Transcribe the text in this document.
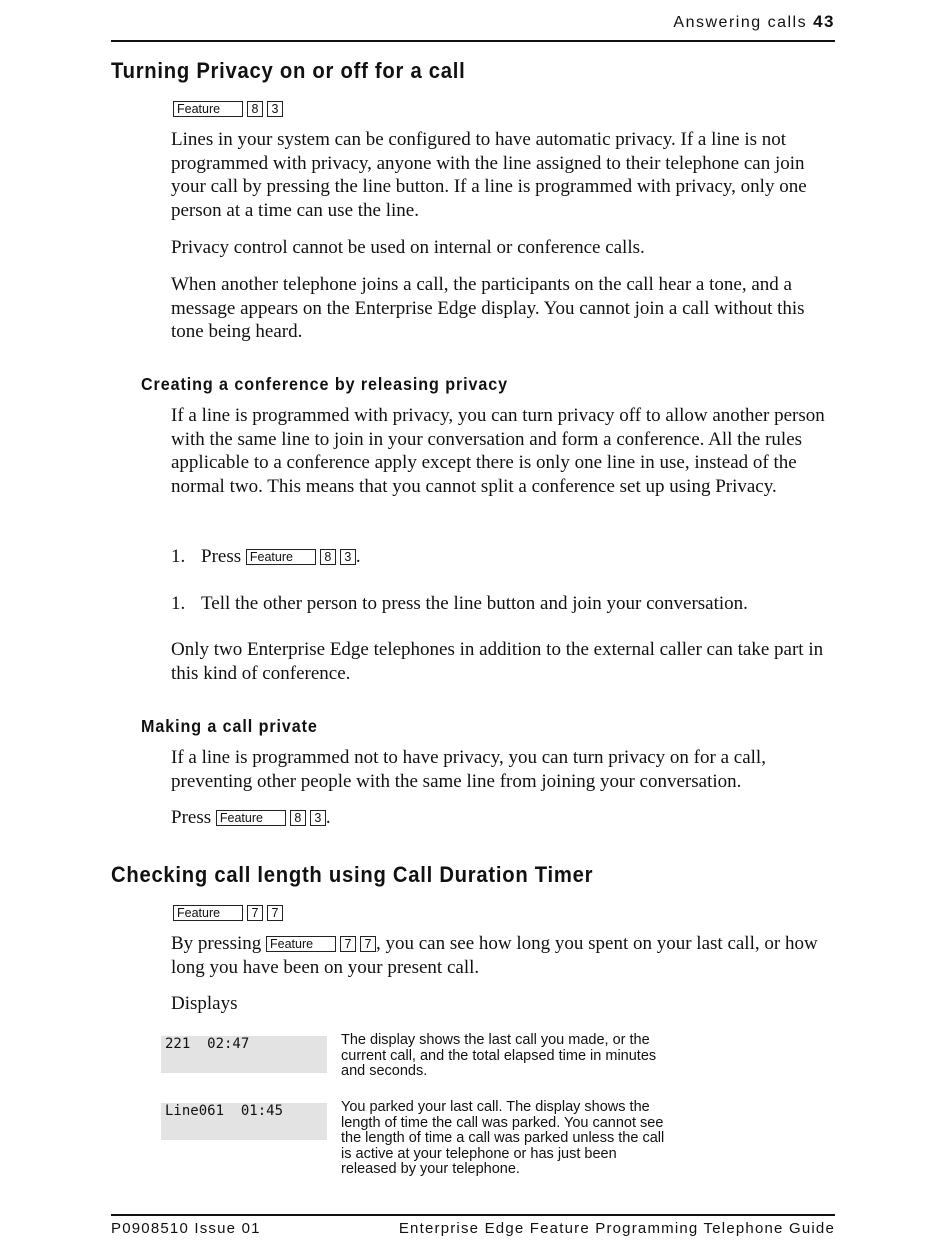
Answering calls 43
Turning Privacy on or off for a call
Feature	8	3

Lines in your system can be configured to have automatic privacy. If a line is not programmed with privacy, anyone with the line assigned to their telephone can join your call by pressing the line button. If a line is programmed with privacy, only one person at a time can use the line.

Privacy control cannot be used on internal or conference calls.

When another telephone joins a call, the participants on the call hear a tone, and a message appears on the Enterprise Edge display. You cannot join a call without this tone being heard.

Creating a conference by releasing privacy

If a line is programmed with privacy, you can turn privacy off to allow another person with the same line to join in your conversation and form a conference. All the rules applicable to a conference apply except there is only one line in use, instead of the normal two. This means that you cannot split a conference set up using Privacy.

1. Press Feature	8	3 .
1. Tell the other person to press the line button and join your conversation.

Only two Enterprise Edge telephones in addition to the external caller can take part in this kind of conference.

Making a call private

If a line is programmed not to have privacy, you can turn privacy on for a call, preventing other people with the same line from joining your conversation.

Press Feature	8	3 .
Checking call length using Call Duration Timer
Feature	7	7

By pressing Feature	7	7 , you can see how long you spent on your last call, or how long you have been on your present call.

Displays

221  02:47	The display shows the last call you made, or the current call, and the total elapsed time in minutes and seconds.
Line061  01:45	You parked your last call. The display shows the length of time the call was parked. You cannot see the length of time a call was parked unless the call is active at your telephone or has just been released by your telephone.
P0908510 Issue 01	Enterprise Edge Feature Programming Telephone Guide
